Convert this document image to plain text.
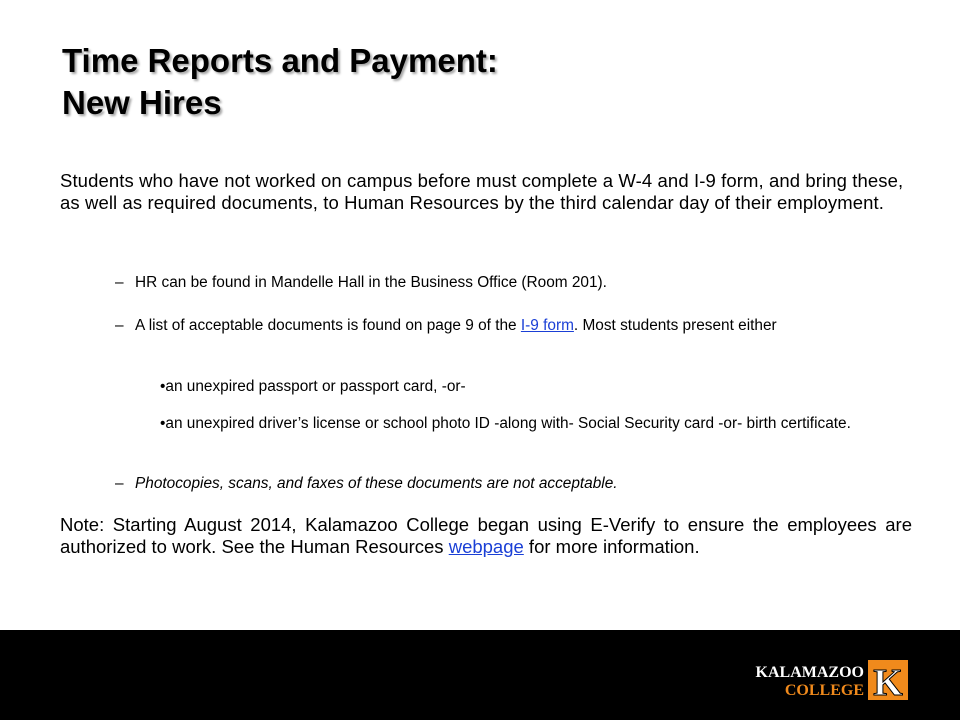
Time Reports and Payment:
New Hires
Students who have not worked on campus before must complete a W-4 and I-9 form, and bring these, as well as required documents, to Human Resources by the third calendar day of their employment.
– HR can be found in Mandelle Hall in the Business Office (Room 201).
– A list of acceptable documents is found on page 9 of the I-9 form. Most students present either
•an unexpired passport or passport card, -or-
•an unexpired driver’s license or school photo ID -along with- Social Security card -or- birth certificate.
– Photocopies, scans, and faxes of these documents are not acceptable.
Note: Starting August 2014, Kalamazoo College began using E-Verify to ensure the employees are authorized to work. See the Human Resources webpage for more information.
KALAMAZOO
COLLEGE K
